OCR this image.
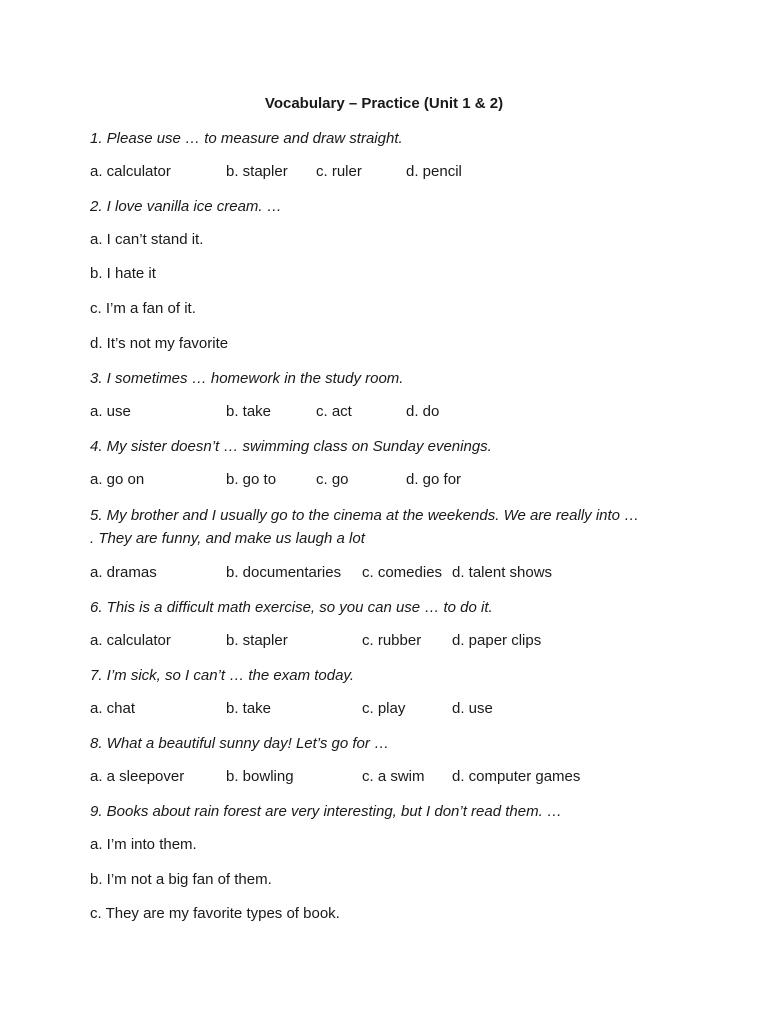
Vocabulary – Practice (Unit 1 & 2)
1. Please use … to measure and draw straight.
a. calculator	b. stapler c. ruler	d. pencil
2. I love vanilla ice cream. …
a. I can’t stand it.
b. I hate it
c. I’m a fan of it.
d. It’s not my favorite
3. I sometimes … homework in the study room.
a. use	b. take	c. act	d. do
4. My sister doesn’t … swimming class on Sunday evenings.
a. go on	b. go to	c. go	d. go for
5. My brother and I usually go to the cinema at the weekends. We are really into …
. They are funny, and make us laugh a lot
a. dramas	b. documentaries c. comedies d. talent shows
6. This is a difficult math exercise, so you can use … to do it.
a. calculator	b. stapler	c. rubber d. paper clips
7. I’m sick, so I can’t … the exam today.
a. chat	b. take	c. play	d. use
8. What a beautiful sunny day! Let’s go for …
a. a sleepover	b. bowling	c. a swim d. computer games
9. Books about rain forest are very interesting, but I don’t read them. …
a. I’m into them.
b. I’m not a big fan of them.
c. They are my favorite types of book.
